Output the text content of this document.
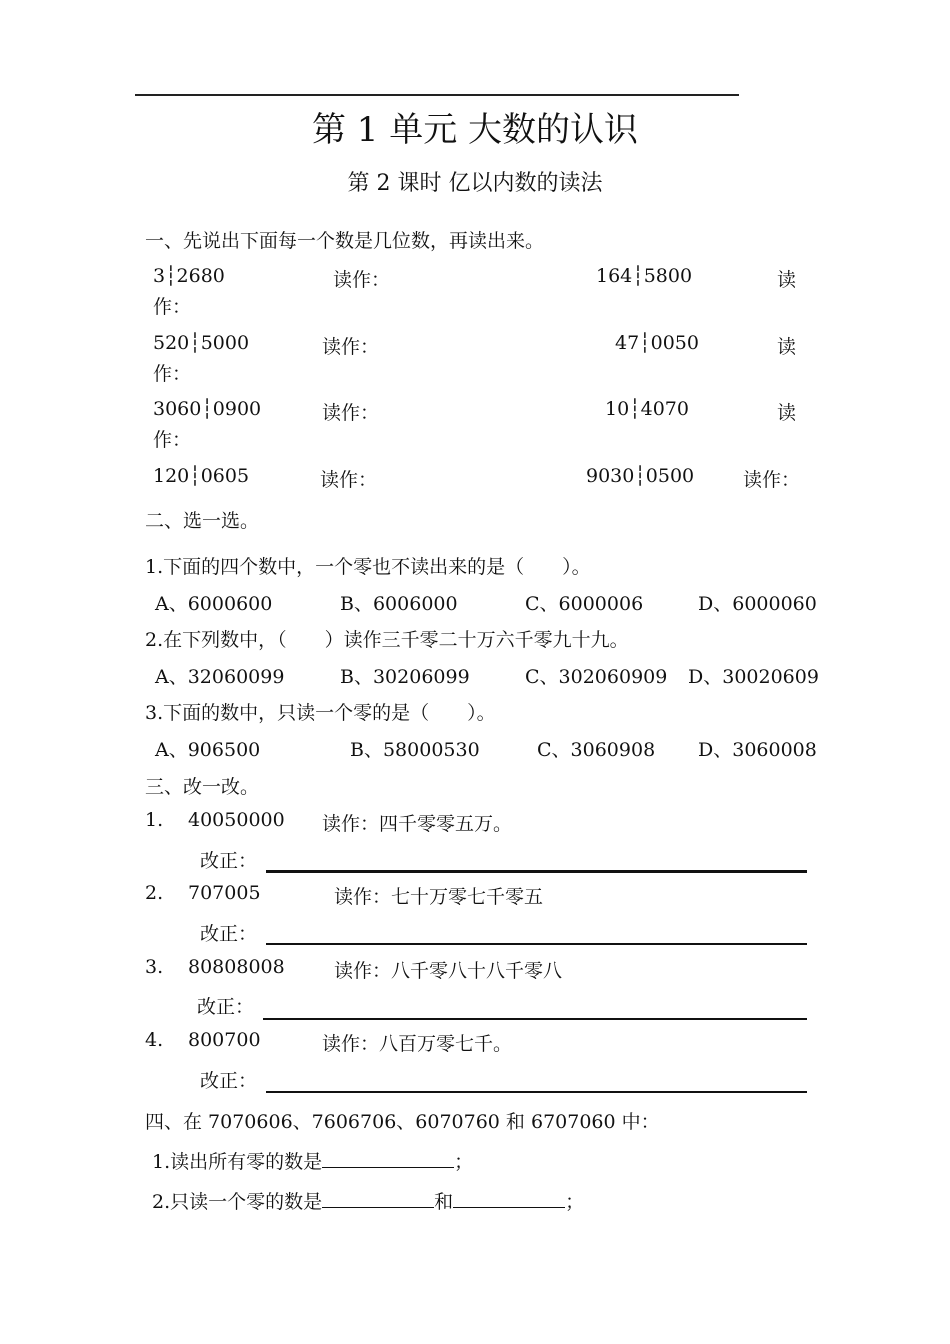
第 1 单元 大数的认识
第 2 课时 亿以内数的读法
一、先说出下面每一个数是几位数，再读出来。
3┆2680	读作：	164┆5800	读
作：
520┆5000	读作：	47┆0050	读
作：
3060┆0900	读作：	10┆4070	读
作：
120┆0605	读作：	9030┆0500	读作：
二、选一选。
1.下面的四个数中，一个零也不读出来的是（　　）。
A、6000600	B、6006000	C、6000006	D、6000060
2.在下列数中，（　　）读作三千零二十万六千零九十九。
A、32060099	B、30206099	C、302060909 D、30020609
3.下面的数中，只读一个零的是（　　）。
A、906500	B、58000530	C、3060908 D、3060008
三、改一改。
1. 40050000 读作：四千零零五万。
改正：
2. 707005	读作：七十万零七千零五
改正：
3. 80808008	读作：八千零八十八千零八
改正：
4. 800700	读作：八百万零七千。
改正：
四、在 7070606、7606706、6070760 和 6707060 中：
1.读出所有零的数是	；
2.只读一个零的数是	和	；
